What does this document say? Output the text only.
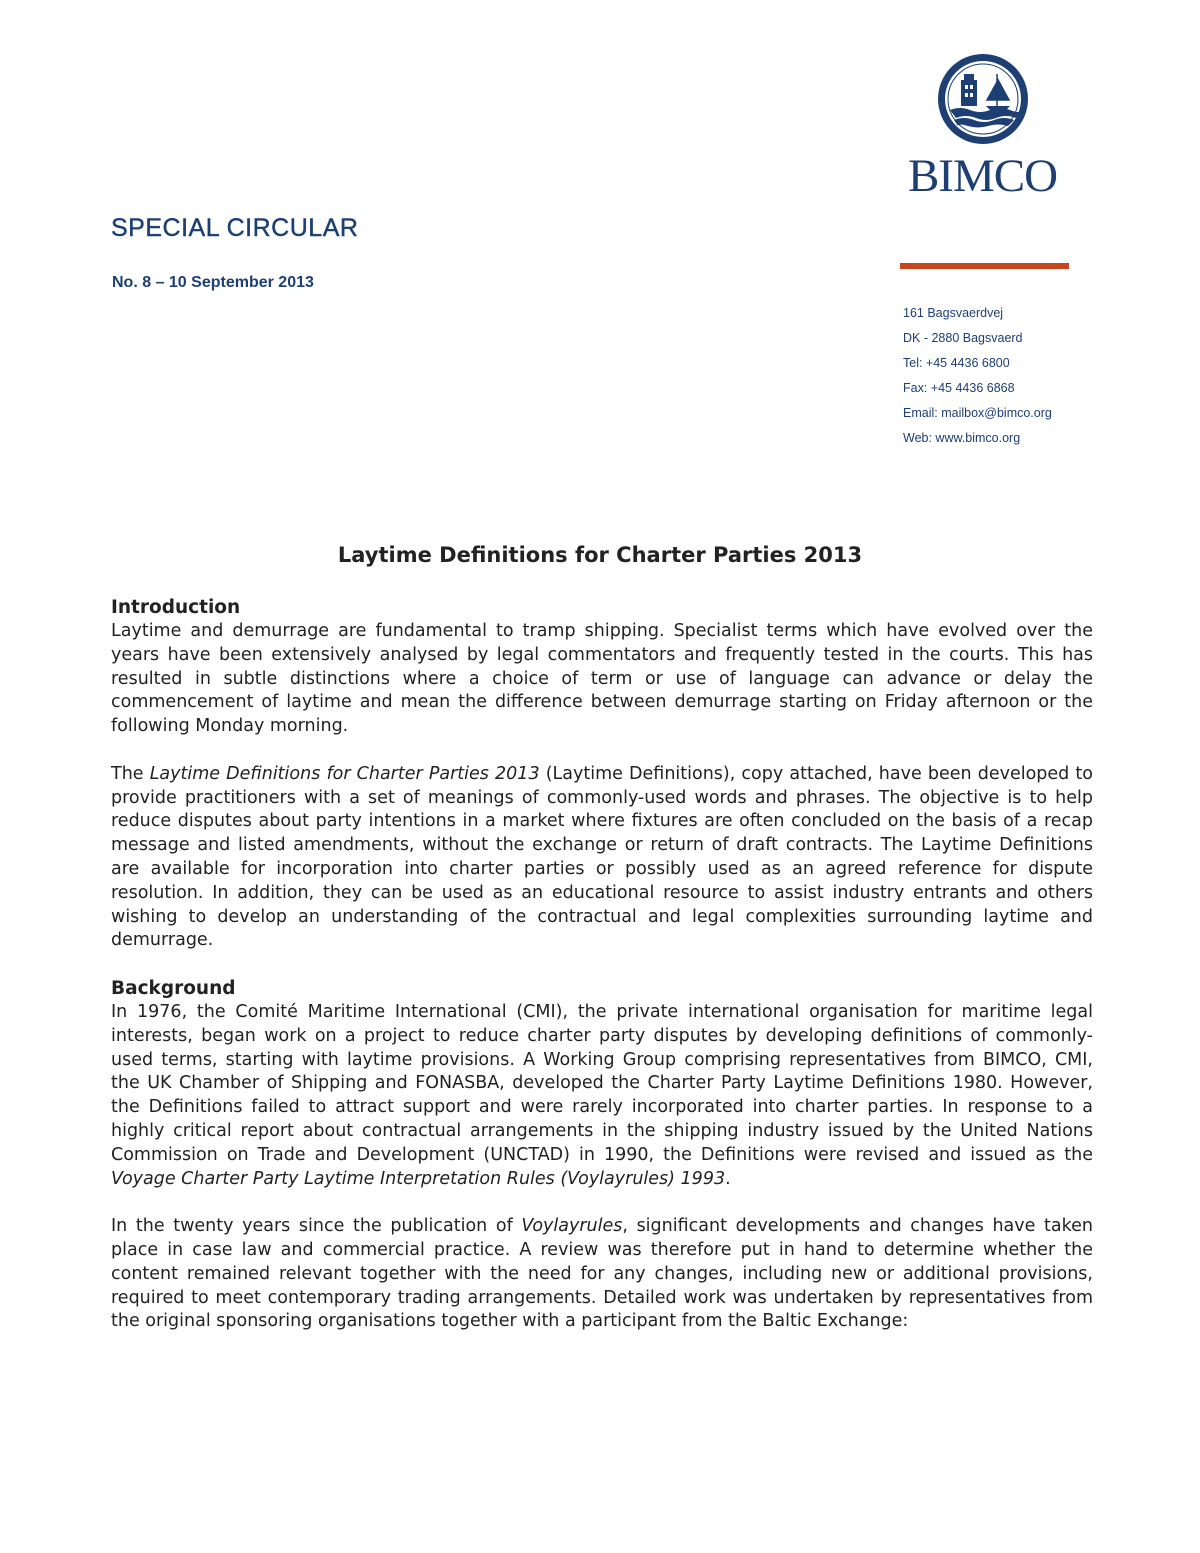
BIMCO
161 Bagsvaerdvej
DK - 2880 Bagsvaerd
Tel: +45 4436 6800
Fax: +45 4436 6868
Email: mailbox@bimco.org
Web: www.bimco.org
SPECIAL CIRCULAR
No. 8 – 10 September 2013
Laytime Definitions for Charter Parties 2013
Introduction

Laytime and demurrage are fundamental to tramp shipping. Specialist terms which have evolved over the years have been extensively analysed by legal commentators and frequently tested in the courts. This has resulted in subtle distinctions where a choice of term or use of language can advance or delay the commencement of laytime and mean the difference between demurrage starting on Friday afternoon or the following Monday morning.

The Laytime Definitions for Charter Parties 2013 (Laytime Definitions), copy attached, have been developed to provide practitioners with a set of meanings of commonly-used words and phrases. The objective is to help reduce disputes about party intentions in a market where fixtures are often concluded on the basis of a recap message and listed amendments, without the exchange or return of draft contracts. The Laytime Definitions are available for incorporation into charter parties or possibly used as an agreed reference for dispute resolution. In addition, they can be used as an educational resource to assist industry entrants and others wishing to develop an understanding of the contractual and legal complexities surrounding laytime and demurrage.

Background

In 1976, the Comité Maritime International (CMI), the private international organisation for maritime legal interests, began work on a project to reduce charter party disputes by developing definitions of commonly-used terms, starting with laytime provisions. A Working Group comprising representatives from BIMCO, CMI, the UK Chamber of Shipping and FONASBA, developed the Charter Party Laytime Definitions 1980. However, the Definitions failed to attract support and were rarely incorporated into charter parties. In response to a highly critical report about contractual arrangements in the shipping industry issued by the United Nations Commission on Trade and Development (UNCTAD) in 1990, the Definitions were revised and issued as the Voyage Charter Party Laytime Interpretation Rules (Voylayrules) 1993.

In the twenty years since the publication of Voylayrules, significant developments and changes have taken place in case law and commercial practice. A review was therefore put in hand to determine whether the content remained relevant together with the need for any changes, including new or additional provisions, required to meet contemporary trading arrangements. Detailed work was undertaken by representatives from the original sponsoring organisations together with a participant from the Baltic Exchange:
